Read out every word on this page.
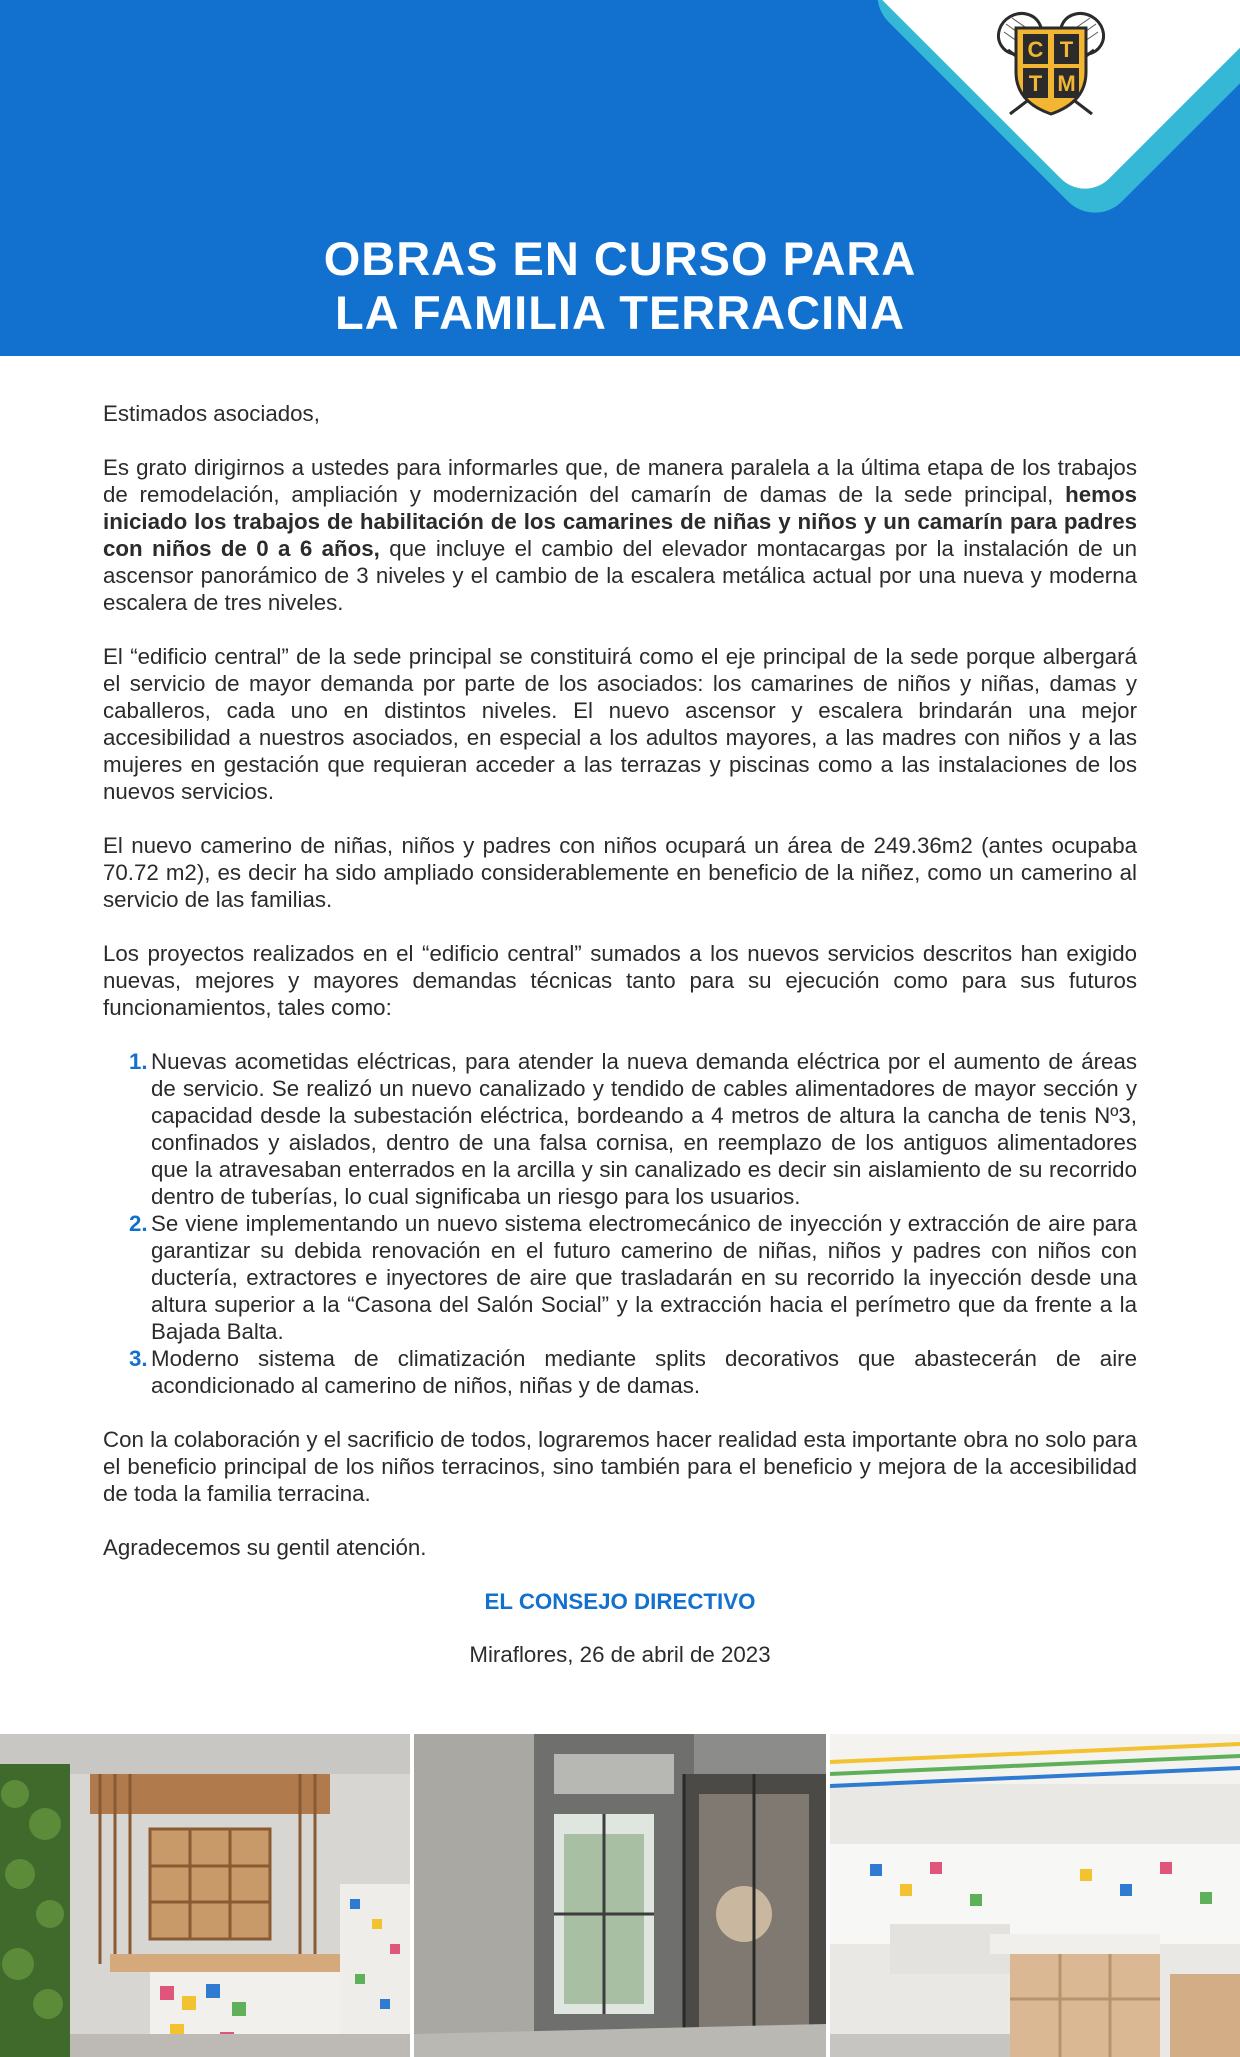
C T
T M
OBRAS EN CURSO PARA
LA FAMILIA TERRACINA

Estimados asociados,

Es grato dirigirnos a ustedes para informarles que, de manera paralela a la última etapa de los trabajos de remodelación, ampliación y modernización del camarín de damas de la sede principal, hemos iniciado los trabajos de habilitación de los camarines de niñas y niños y un camarín para padres con niños de 0 a 6 años, que incluye el cambio del elevador montacargas por la instalación de un ascensor panorámico de 3 niveles y el cambio de la escalera metálica actual por una nueva y moderna escalera de tres niveles.

El “edificio central” de la sede principal se constituirá como el eje principal de la sede porque albergará el servicio de mayor demanda por parte de los asociados: los camarines de niños y niñas, damas y caballeros, cada uno en distintos niveles. El nuevo ascensor y escalera brindarán una mejor accesibilidad a nuestros asociados, en especial a los adultos mayores, a las madres con niños y a las mujeres en gestación que requieran acceder a las terrazas y piscinas como a las instalaciones de los nuevos servicios.

El nuevo camerino de niñas, niños y padres con niños ocupará un área de 249.36m2 (antes ocupaba 70.72 m2), es decir ha sido ampliado considerablemente en beneficio de la niñez, como un camerino al servicio de las familias.

Los proyectos realizados en el “edificio central” sumados a los nuevos servicios descritos han exigido nuevas, mejores y mayores demandas técnicas tanto para su ejecución como para sus futuros funcionamientos, tales como:

1. Nuevas acometidas eléctricas, para atender la nueva demanda eléctrica por el aumento de áreas de servicio. Se realizó un nuevo canalizado y tendido de cables alimentadores de mayor sección y capacidad desde la subestación eléctrica, bordeando a 4 metros de altura la cancha de tenis Nº3, confinados y aislados, dentro de una falsa cornisa, en reemplazo de los antiguos alimentadores que la atravesaban enterrados en la arcilla y sin canalizado es decir sin aislamiento de su recorrido dentro de tuberías, lo cual significaba un riesgo para los usuarios.
2. Se viene implementando un nuevo sistema electromecánico de inyección y extracción de aire para garantizar su debida renovación en el futuro camerino de niñas, niños y padres con niños con ductería, extractores e inyectores de aire que trasladarán en su recorrido la inyección desde una altura superior a la “Casona del Salón Social” y la extracción hacia el perímetro que da frente a la Bajada Balta.
3. Moderno sistema de climatización mediante splits decorativos que abastecerán de aire acondicionado al camerino de niños, niñas y de damas.

Con la colaboración y el sacrificio de todos, lograremos hacer realidad esta importante obra no solo para el beneficio principal de los niños terracinos, sino también para el beneficio y mejora de la accesibilidad de toda la familia terracina.

Agradecemos su gentil atención.

EL CONSEJO DIRECTIVO
Miraflores, 26 de abril de 2023
